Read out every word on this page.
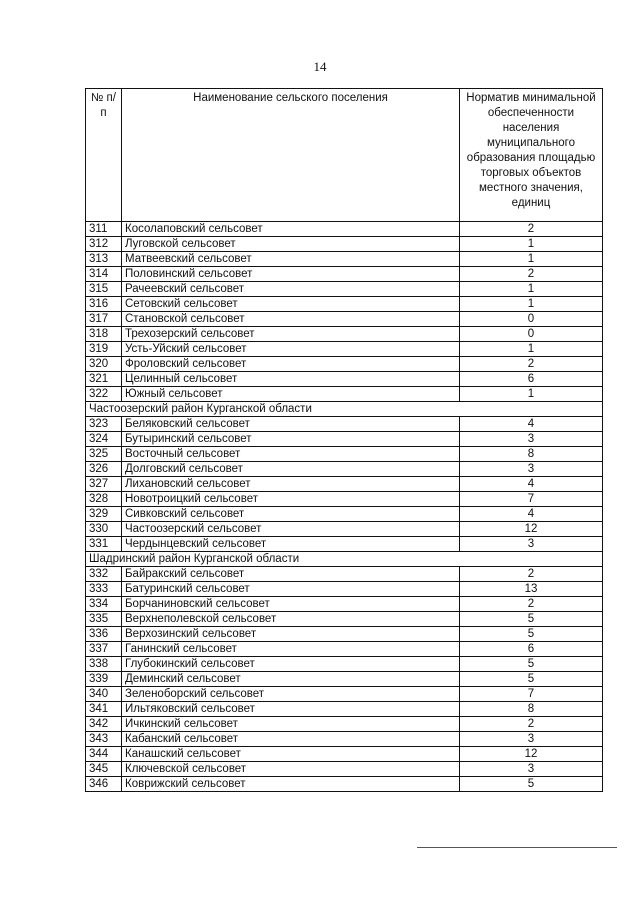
14
№ п/п	Наименование сельского поселения	Норматив минимальной обеспеченности населения муниципального образования площадью торговых объектов местного значения, единиц
311	Косолаповский сельсовет	2
312	Луговской сельсовет	1
313	Матвеевский сельсовет	1
314	Половинский сельсовет	2
315	Рачеевский сельсовет	1
316	Сетовский сельсовет	1
317	Становской сельсовет	0
318	Трехозерский сельсовет	0
319	Усть-Уйский сельсовет	1
320	Фроловский сельсовет	2
321	Целинный сельсовет	6
322	Южный сельсовет	1
Частоозерский район Курганской области		
323	Беляковский сельсовет	4
324	Бутыринский сельсовет	3
325	Восточный сельсовет	8
326	Долговский сельсовет	3
327	Лихановский сельсовет	4
328	Новотроицкий сельсовет	7
329	Сивковский сельсовет	4
330	Частоозерский сельсовет	12
331	Чердынцевский сельсовет	3
Шадринский район Курганской области		
332	Байракский сельсовет	2
333	Батуринский сельсовет	13
334	Борчаниновский сельсовет	2
335	Верхнеполевской сельсовет	5
336	Верхозинский сельсовет	5
337	Ганинский сельсовет	6
338	Глубокинский сельсовет	5
339	Деминский сельсовет	5
340	Зеленоборский сельсовет	7
341	Ильтяковский сельсовет	8
342	Ичкинский сельсовет	2
343	Кабанский сельсовет	3
344	Канашский сельсовет	12
345	Ключевской сельсовет	3
346	Коврижский сельсовет	5
